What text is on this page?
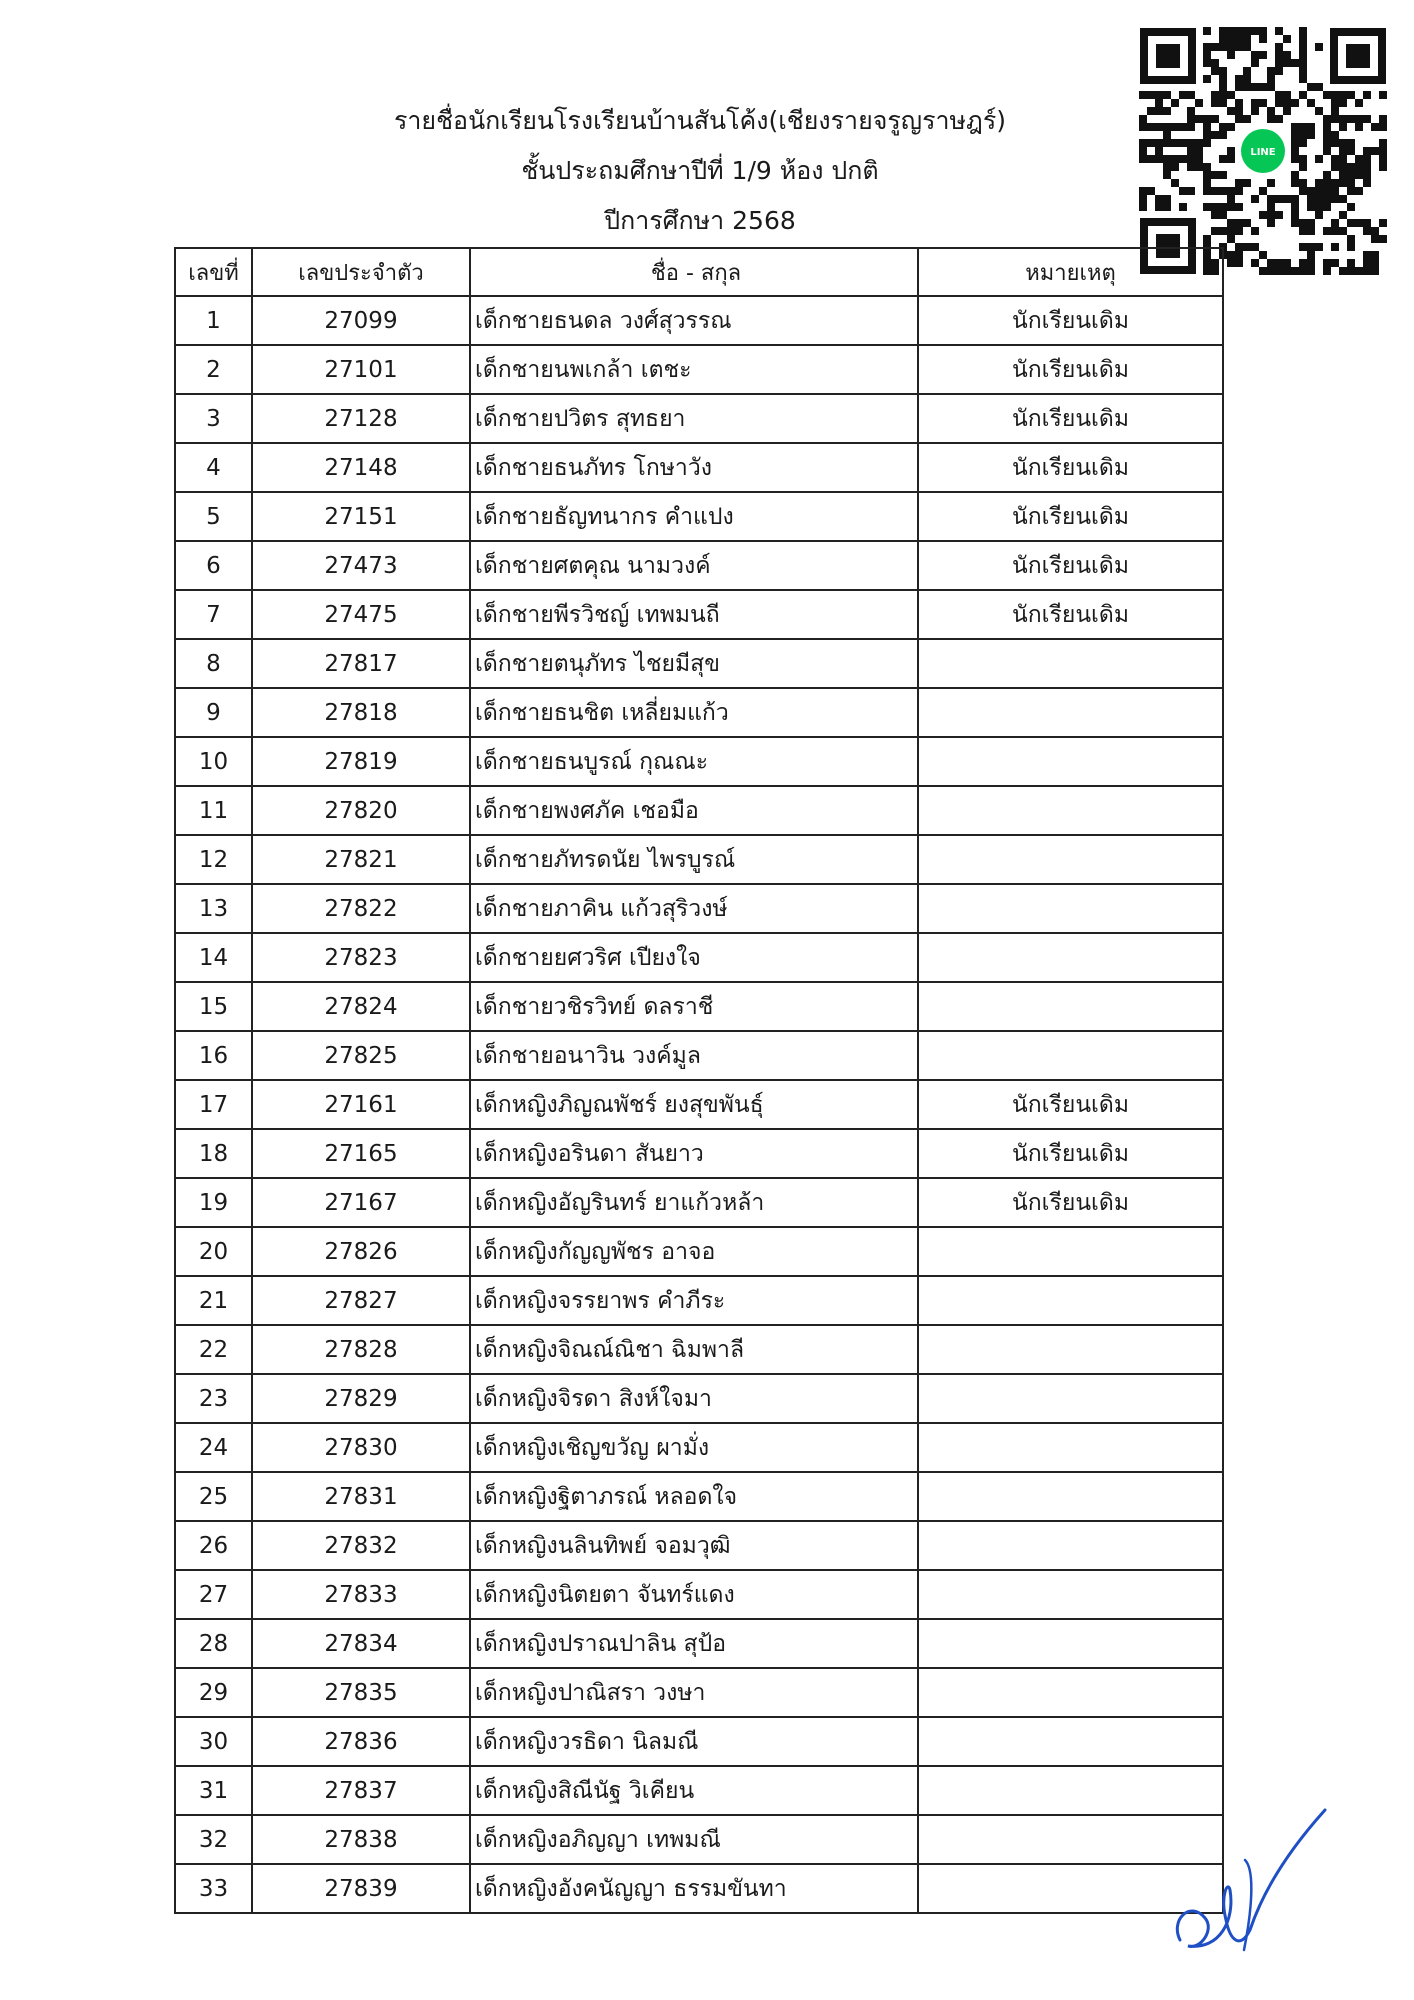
รายชื่อนักเรียนโรงเรียนบ้านสันโค้ง(เชียงรายจรูญราษฎร์)
ชั้นประถมศึกษาปีที่ 1/9 ห้อง ปกติ
ปีการศึกษา 2568
LINE
เลขที่	เลขประจำตัว	ชื่อ - สกุล	หมายเหตุ
1	27099	เด็กชายธนดล วงศ์สุวรรณ	นักเรียนเดิม
2	27101	เด็กชายนพเกล้า เตชะ	นักเรียนเดิม
3	27128	เด็กชายปวิตร สุทธยา	นักเรียนเดิม
4	27148	เด็กชายธนภัทร โกษาวัง	นักเรียนเดิม
5	27151	เด็กชายธัญทนากร คำแปง	นักเรียนเดิม
6	27473	เด็กชายศตคุณ นามวงค์	นักเรียนเดิม
7	27475	เด็กชายพีรวิชญ์ เทพมนถี	นักเรียนเดิม
8	27817	เด็กชายตนุภัทร ไชยมีสุข	
9	27818	เด็กชายธนชิต เหลี่ยมแก้ว	
10	27819	เด็กชายธนบูรณ์ กุณณะ	
11	27820	เด็กชายพงศภัค เชอมือ	
12	27821	เด็กชายภัทรดนัย ไพรบูรณ์	
13	27822	เด็กชายภาคิน แก้วสุริวงษ์	
14	27823	เด็กชายยศวริศ เปียงใจ	
15	27824	เด็กชายวชิรวิทย์ ดลราชี	
16	27825	เด็กชายอนาวิน วงค์มูล	
17	27161	เด็กหญิงภิญณพัชร์ ยงสุขพันธุ์	นักเรียนเดิม
18	27165	เด็กหญิงอรินดา สันยาว	นักเรียนเดิม
19	27167	เด็กหญิงอัญรินทร์ ยาแก้วหล้า	นักเรียนเดิม
20	27826	เด็กหญิงกัญญพัชร อาจอ	
21	27827	เด็กหญิงจรรยาพร คำภีระ	
22	27828	เด็กหญิงจิณณ์ณิชา ฉิมพาลี	
23	27829	เด็กหญิงจิรดา สิงห์ใจมา	
24	27830	เด็กหญิงเชิญขวัญ ผามั่ง	
25	27831	เด็กหญิงฐิตาภรณ์ หลอดใจ	
26	27832	เด็กหญิงนลินทิพย์ จอมวุฒิ	
27	27833	เด็กหญิงนิตยตา จันทร์แดง	
28	27834	เด็กหญิงปราณปาลิน สุป้อ	
29	27835	เด็กหญิงปาณิสรา วงษา	
30	27836	เด็กหญิงวรธิดา นิลมณี	
31	27837	เด็กหญิงสิณีนัฐ วิเคียน	
32	27838	เด็กหญิงอภิญญา เทพมณี	
33	27839	เด็กหญิงอังคนัญญา ธรรมขันทา	
